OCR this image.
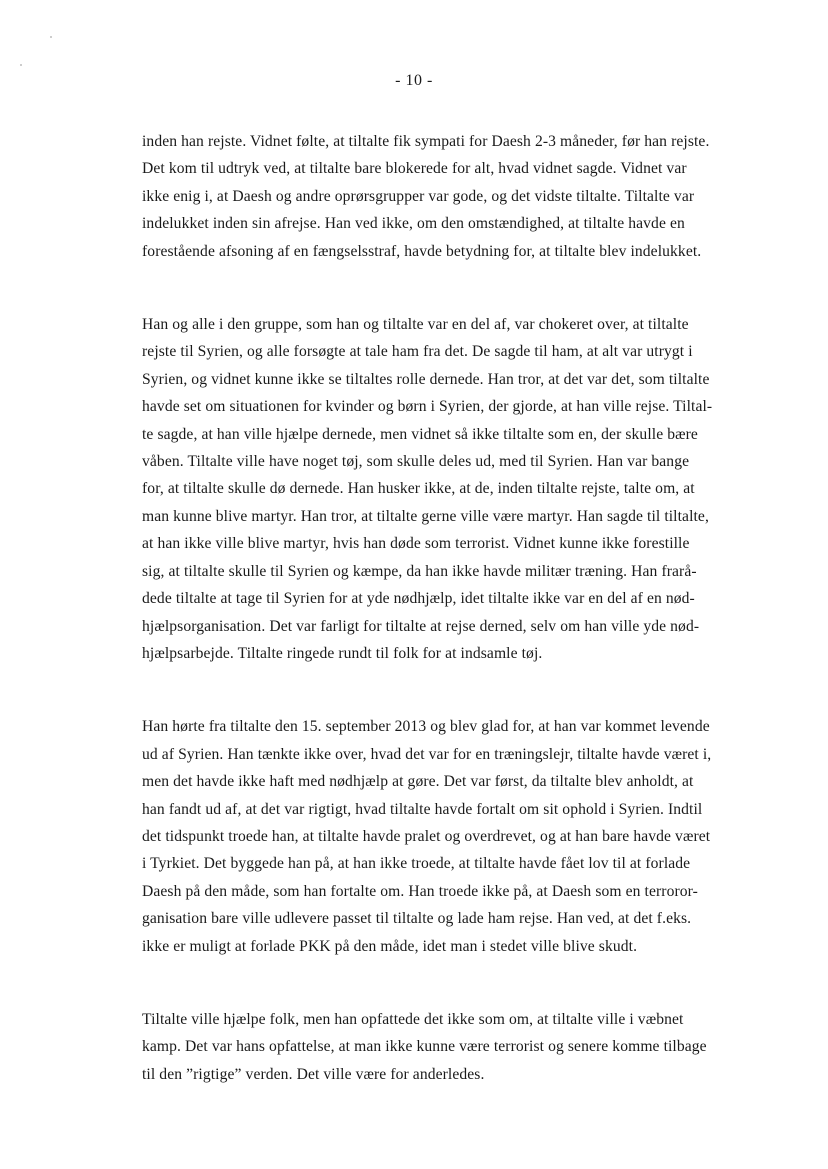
- 10 -
inden han rejste. Vidnet følte, at tiltalte fik sympati for Daesh 2-3 måneder, før han rejste.
Det kom til udtryk ved, at tiltalte bare blokerede for alt, hvad vidnet sagde. Vidnet var
ikke enig i, at Daesh og andre oprørsgrupper var gode, og det vidste tiltalte. Tiltalte var
indelukket inden sin afrejse. Han ved ikke, om den omstændighed, at tiltalte havde en
forestående afsoning af en fængselsstraf, havde betydning for, at tiltalte blev indelukket.
Han og alle i den gruppe, som han og tiltalte var en del af, var chokeret over, at tiltalte
rejste til Syrien, og alle forsøgte at tale ham fra det. De sagde til ham, at alt var utrygt i
Syrien, og vidnet kunne ikke se tiltaltes rolle dernede. Han tror, at det var det, som tiltalte
havde set om situationen for kvinder og børn i Syrien, der gjorde, at han ville rejse. Tiltal-
te sagde, at han ville hjælpe dernede, men vidnet så ikke tiltalte som en, der skulle bære
våben. Tiltalte ville have noget tøj, som skulle deles ud, med til Syrien. Han var bange
for, at tiltalte skulle dø dernede. Han husker ikke, at de, inden tiltalte rejste, talte om, at
man kunne blive martyr. Han tror, at tiltalte gerne ville være martyr. Han sagde til tiltalte,
at han ikke ville blive martyr, hvis han døde som terrorist. Vidnet kunne ikke forestille
sig, at tiltalte skulle til Syrien og kæmpe, da han ikke havde militær træning. Han frarå-
dede tiltalte at tage til Syrien for at yde nødhjælp, idet tiltalte ikke var en del af en nød-
hjælpsorganisation. Det var farligt for tiltalte at rejse derned, selv om han ville yde nød-
hjælpsarbejde. Tiltalte ringede rundt til folk for at indsamle tøj.
Han hørte fra tiltalte den 15. september 2013 og blev glad for, at han var kommet levende
ud af Syrien. Han tænkte ikke over, hvad det var for en træningslejr, tiltalte havde været i,
men det havde ikke haft med nødhjælp at gøre. Det var først, da tiltalte blev anholdt, at
han fandt ud af, at det var rigtigt, hvad tiltalte havde fortalt om sit ophold i Syrien. Indtil
det tidspunkt troede han, at tiltalte havde pralet og overdrevet, og at han bare havde været
i Tyrkiet. Det byggede han på, at han ikke troede, at tiltalte havde fået lov til at forlade
Daesh på den måde, som han fortalte om. Han troede ikke på, at Daesh som en terroror-
ganisation bare ville udlevere passet til tiltalte og lade ham rejse. Han ved, at det f.eks.
ikke er muligt at forlade PKK på den måde, idet man i stedet ville blive skudt.
Tiltalte ville hjælpe folk, men han opfattede det ikke som om, at tiltalte ville i væbnet
kamp. Det var hans opfattelse, at man ikke kunne være terrorist og senere komme tilbage
til den ”rigtige” verden. Det ville være for anderledes.
